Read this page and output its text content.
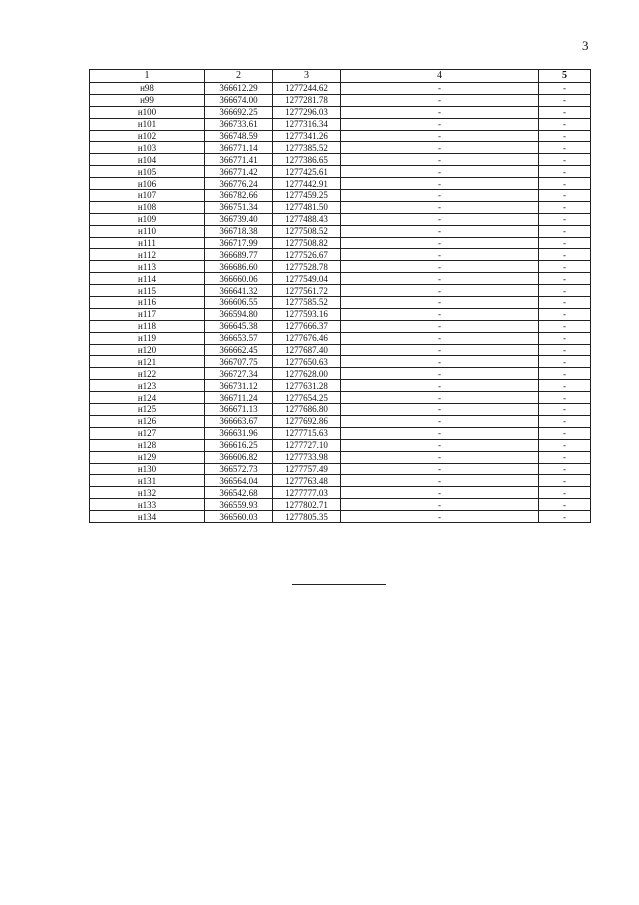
3
1	2	3	4	5
н98	366612.29	1277244.62	-	-
н99	366674.00	1277281.78	-	-
н100	366692.25	1277296.03	-	-
н101	366733.61	1277316.34	-	-
н102	366748.59	1277341.26	-	-
н103	366771.14	1277385.52	-	-
н104	366771.41	1277386.65	-	-
н105	366771.42	1277425.61	-	-
н106	366776.24	1277442.91	-	-
н107	366782.66	1277459.25	-	-
н108	366751.34	1277481.50	-	-
н109	366739.40	1277488.43	-	-
н110	366718.38	1277508.52	-	-
н111	366717.99	1277508.82	-	-
н112	366689.77	1277526.67	-	-
н113	366686.60	1277528.78	-	-
н114	366660.06	1277549.04	-	-
н115	366641.32	1277561.72	-	-
н116	366606.55	1277585.52	-	-
н117	366594.80	1277593.16	-	-
н118	366645.38	1277666.37	-	-
н119	366653.57	1277676.46	-	-
н120	366662.45	1277687.40	-	-
н121	366707.75	1277650.63	-	-
н122	366727.34	1277628.00	-	-
н123	366731.12	1277631.28	-	-
н124	366711.24	1277654.25	-	-
н125	366671.13	1277686.80	-	-
н126	366663.67	1277692.86	-	-
н127	366631.96	1277715.63	-	-
н128	366616.25	1277727.10	-	-
н129	366606.82	1277733.98	-	-
н130	366572.73	1277757.49	-	-
н131	366564.04	1277763.48	-	-
н132	366542.68	1277777.03	-	-
н133	366559.93	1277802.71	-	-
н134	366560.03	1277805.35	-	-
